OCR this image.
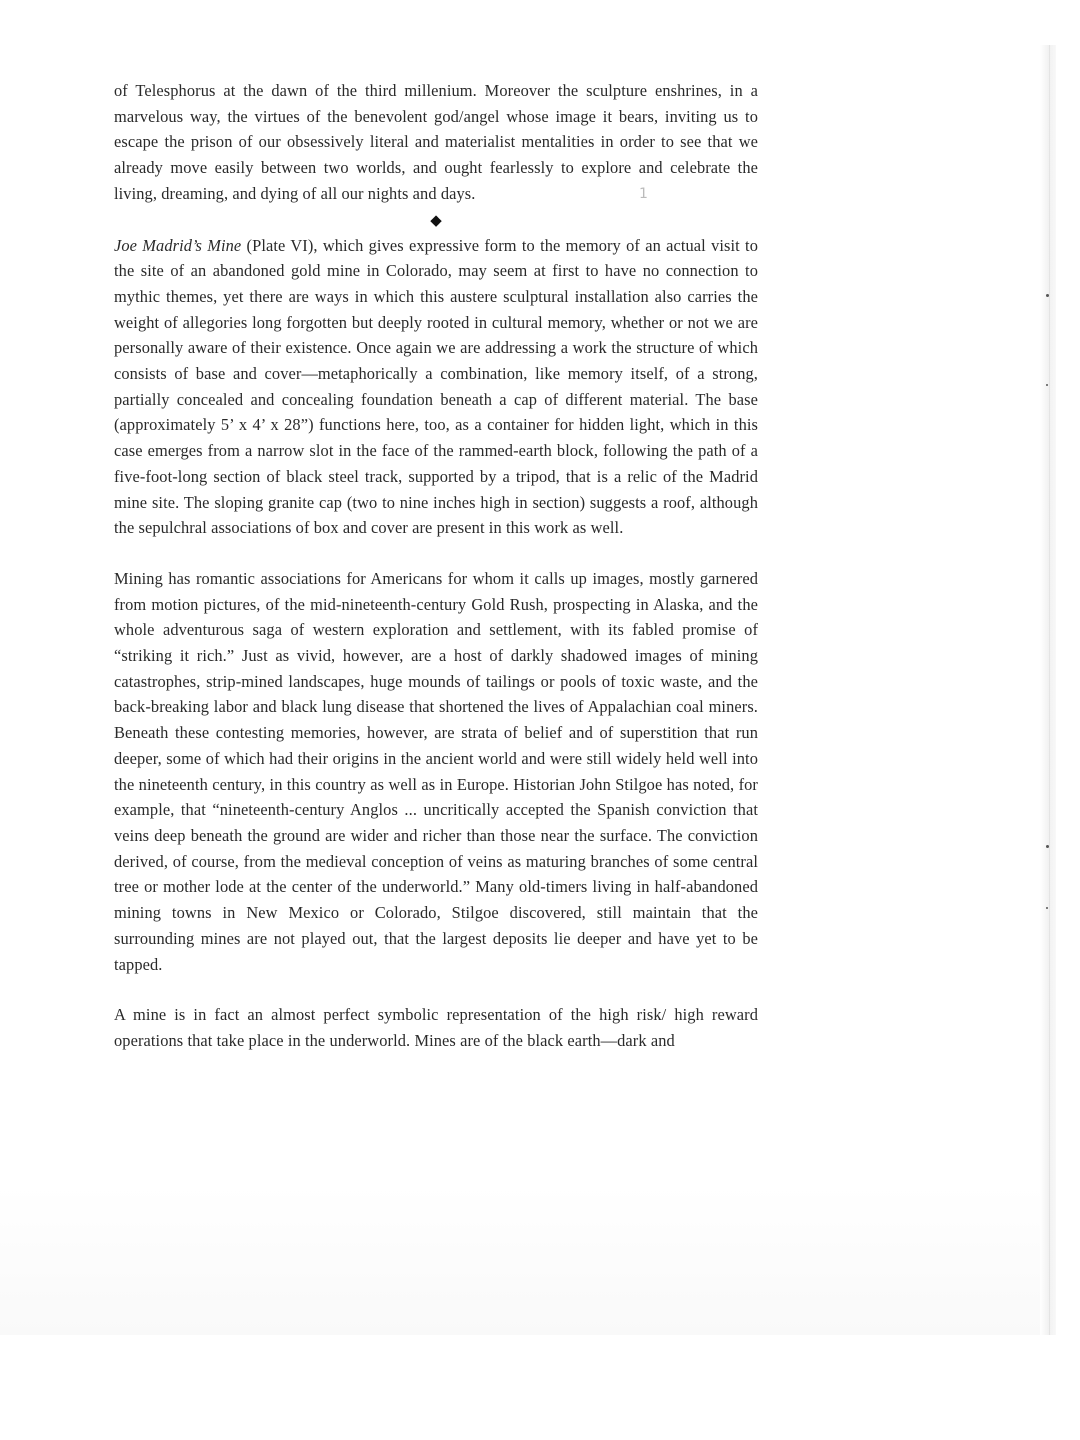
1

of Telesphorus at the dawn of the third millenium. Moreover the sculpture enshrines, in a marvelous way, the virtues of the benevolent god/angel whose image it bears, inviting us to escape the prison of our obsessively literal and materialist mentalities in order to see that we already move easily between two worlds, and ought fearlessly to explore and celebrate the living, dreaming, and dying of all our nights and days.

◆

Joe Madrid’s Mine (Plate VI), which gives expressive form to the memory of an actual visit to the site of an abandoned gold mine in Colorado, may seem at first to have no connection to mythic themes, yet there are ways in which this austere sculptural installation also carries the weight of allegories long forgotten but deeply rooted in cultural memory, whether or not we are personally aware of their existence. Once again we are addressing a work the structure of which consists of base and cover—metaphorically a combination, like memory itself, of a strong, partially concealed and concealing foundation beneath a cap of different material. The base (approximately 5’ x 4’ x 28”) functions here, too, as a container for hidden light, which in this case emerges from a narrow slot in the face of the rammed-earth block, following the path of a five-foot-long section of black steel track, supported by a tripod, that is a relic of the Madrid mine site. The sloping granite cap (two to nine inches high in section) suggests a roof, although the sepulchral associations of box and cover are present in this work as well.

Mining has romantic associations for Americans for whom it calls up images, mostly garnered from motion pictures, of the mid-nineteenth-century Gold Rush, prospecting in Alaska, and the whole adventurous saga of western exploration and settlement, with its fabled promise of “striking it rich.” Just as vivid, however, are a host of darkly shadowed images of mining catastrophes, strip-mined landscapes, huge mounds of tailings or pools of toxic waste, and the back-breaking labor and black lung disease that shortened the lives of Appalachian coal miners. Beneath these contesting memories, however, are strata of belief and of superstition that run deeper, some of which had their origins in the ancient world and were still widely held well into the nineteenth century, in this country as well as in Europe. Historian John Stilgoe has noted, for example, that “nineteenth-century Anglos ... uncritically accepted the Spanish conviction that veins deep beneath the ground are wider and richer than those near the surface. The conviction derived, of course, from the medieval conception of veins as maturing branches of some central tree or mother lode at the center of the underworld.” Many old-timers living in half-abandoned mining towns in New Mexico or Colorado, Stilgoe discovered, still maintain that the surrounding mines are not played out, that the largest deposits lie deeper and have yet to be tapped.

A mine is in fact an almost perfect symbolic representation of the high risk/ high reward operations that take place in the underworld. Mines are of the black earth—dark and
